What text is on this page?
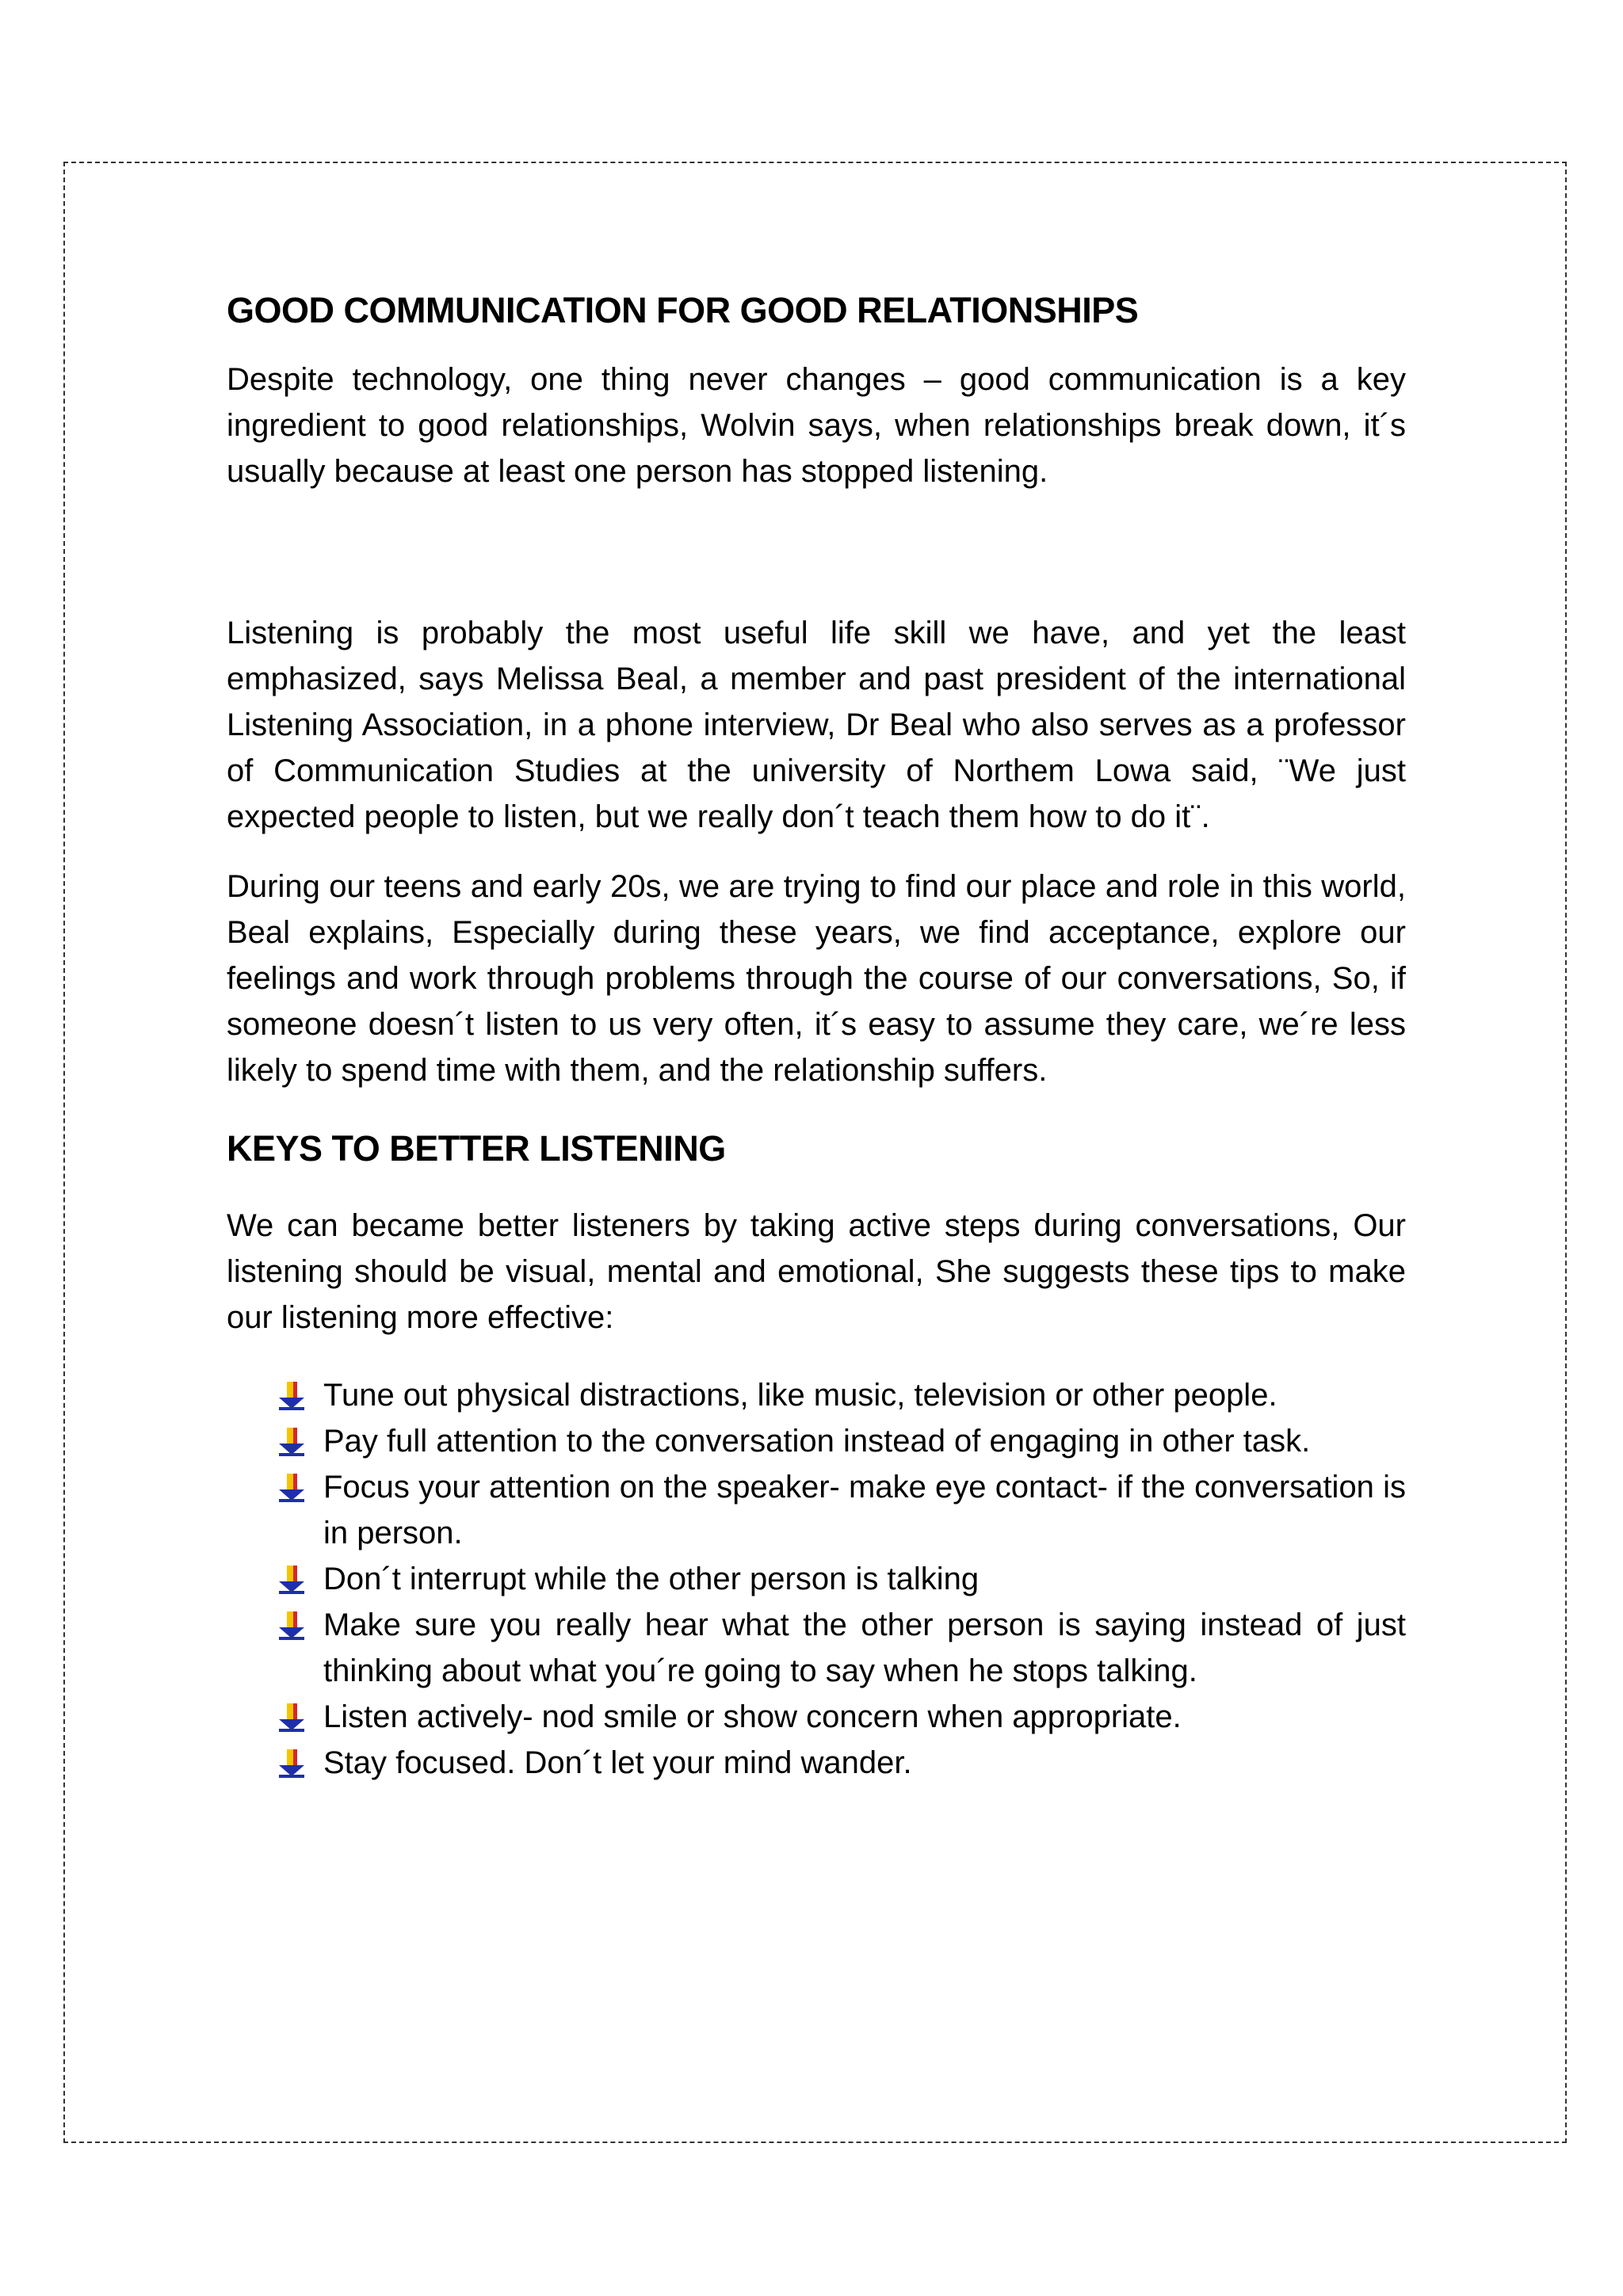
GOOD COMMUNICATION FOR GOOD RELATIONSHIPS

Despite technology, one thing never changes – good communication is a key ingredient to good relationships, Wolvin says, when relationships break down, it´s usually because at least one person has stopped listening.

Listening is probably the most useful life skill we have, and yet the least emphasized, says Melissa Beal, a member and past president of the international Listening Association, in a phone interview, Dr Beal who also serves as a professor of Communication Studies at the university of Northem Lowa said, ¨We just expected people to listen, but we really don´t teach them how to do it¨.

During our teens and early 20s, we are trying to find our place and role in this world, Beal explains, Especially during these years, we find acceptance, explore our feelings and work through problems through the course of our conversations, So, if someone doesn´t listen to us very often, it´s easy to assume they care, we´re less likely to spend time with them, and the relationship suffers.

KEYS TO BETTER LISTENING

We can became better listeners by taking active steps during conversations, Our listening should be visual, mental and emotional, She suggests these tips to make our listening more effective:

Tune out physical distractions, like music, television or other people.
Pay full attention to the conversation instead of engaging in other task.
Focus your attention on the speaker- make eye contact- if the conversation is in person.
Don´t interrupt while the other person is talking
Make sure you really hear what the other person is saying instead of just thinking about what you´re going to say when he stops talking.
Listen actively- nod smile or show concern when appropriate.
Stay focused. Don´t let your mind wander.
